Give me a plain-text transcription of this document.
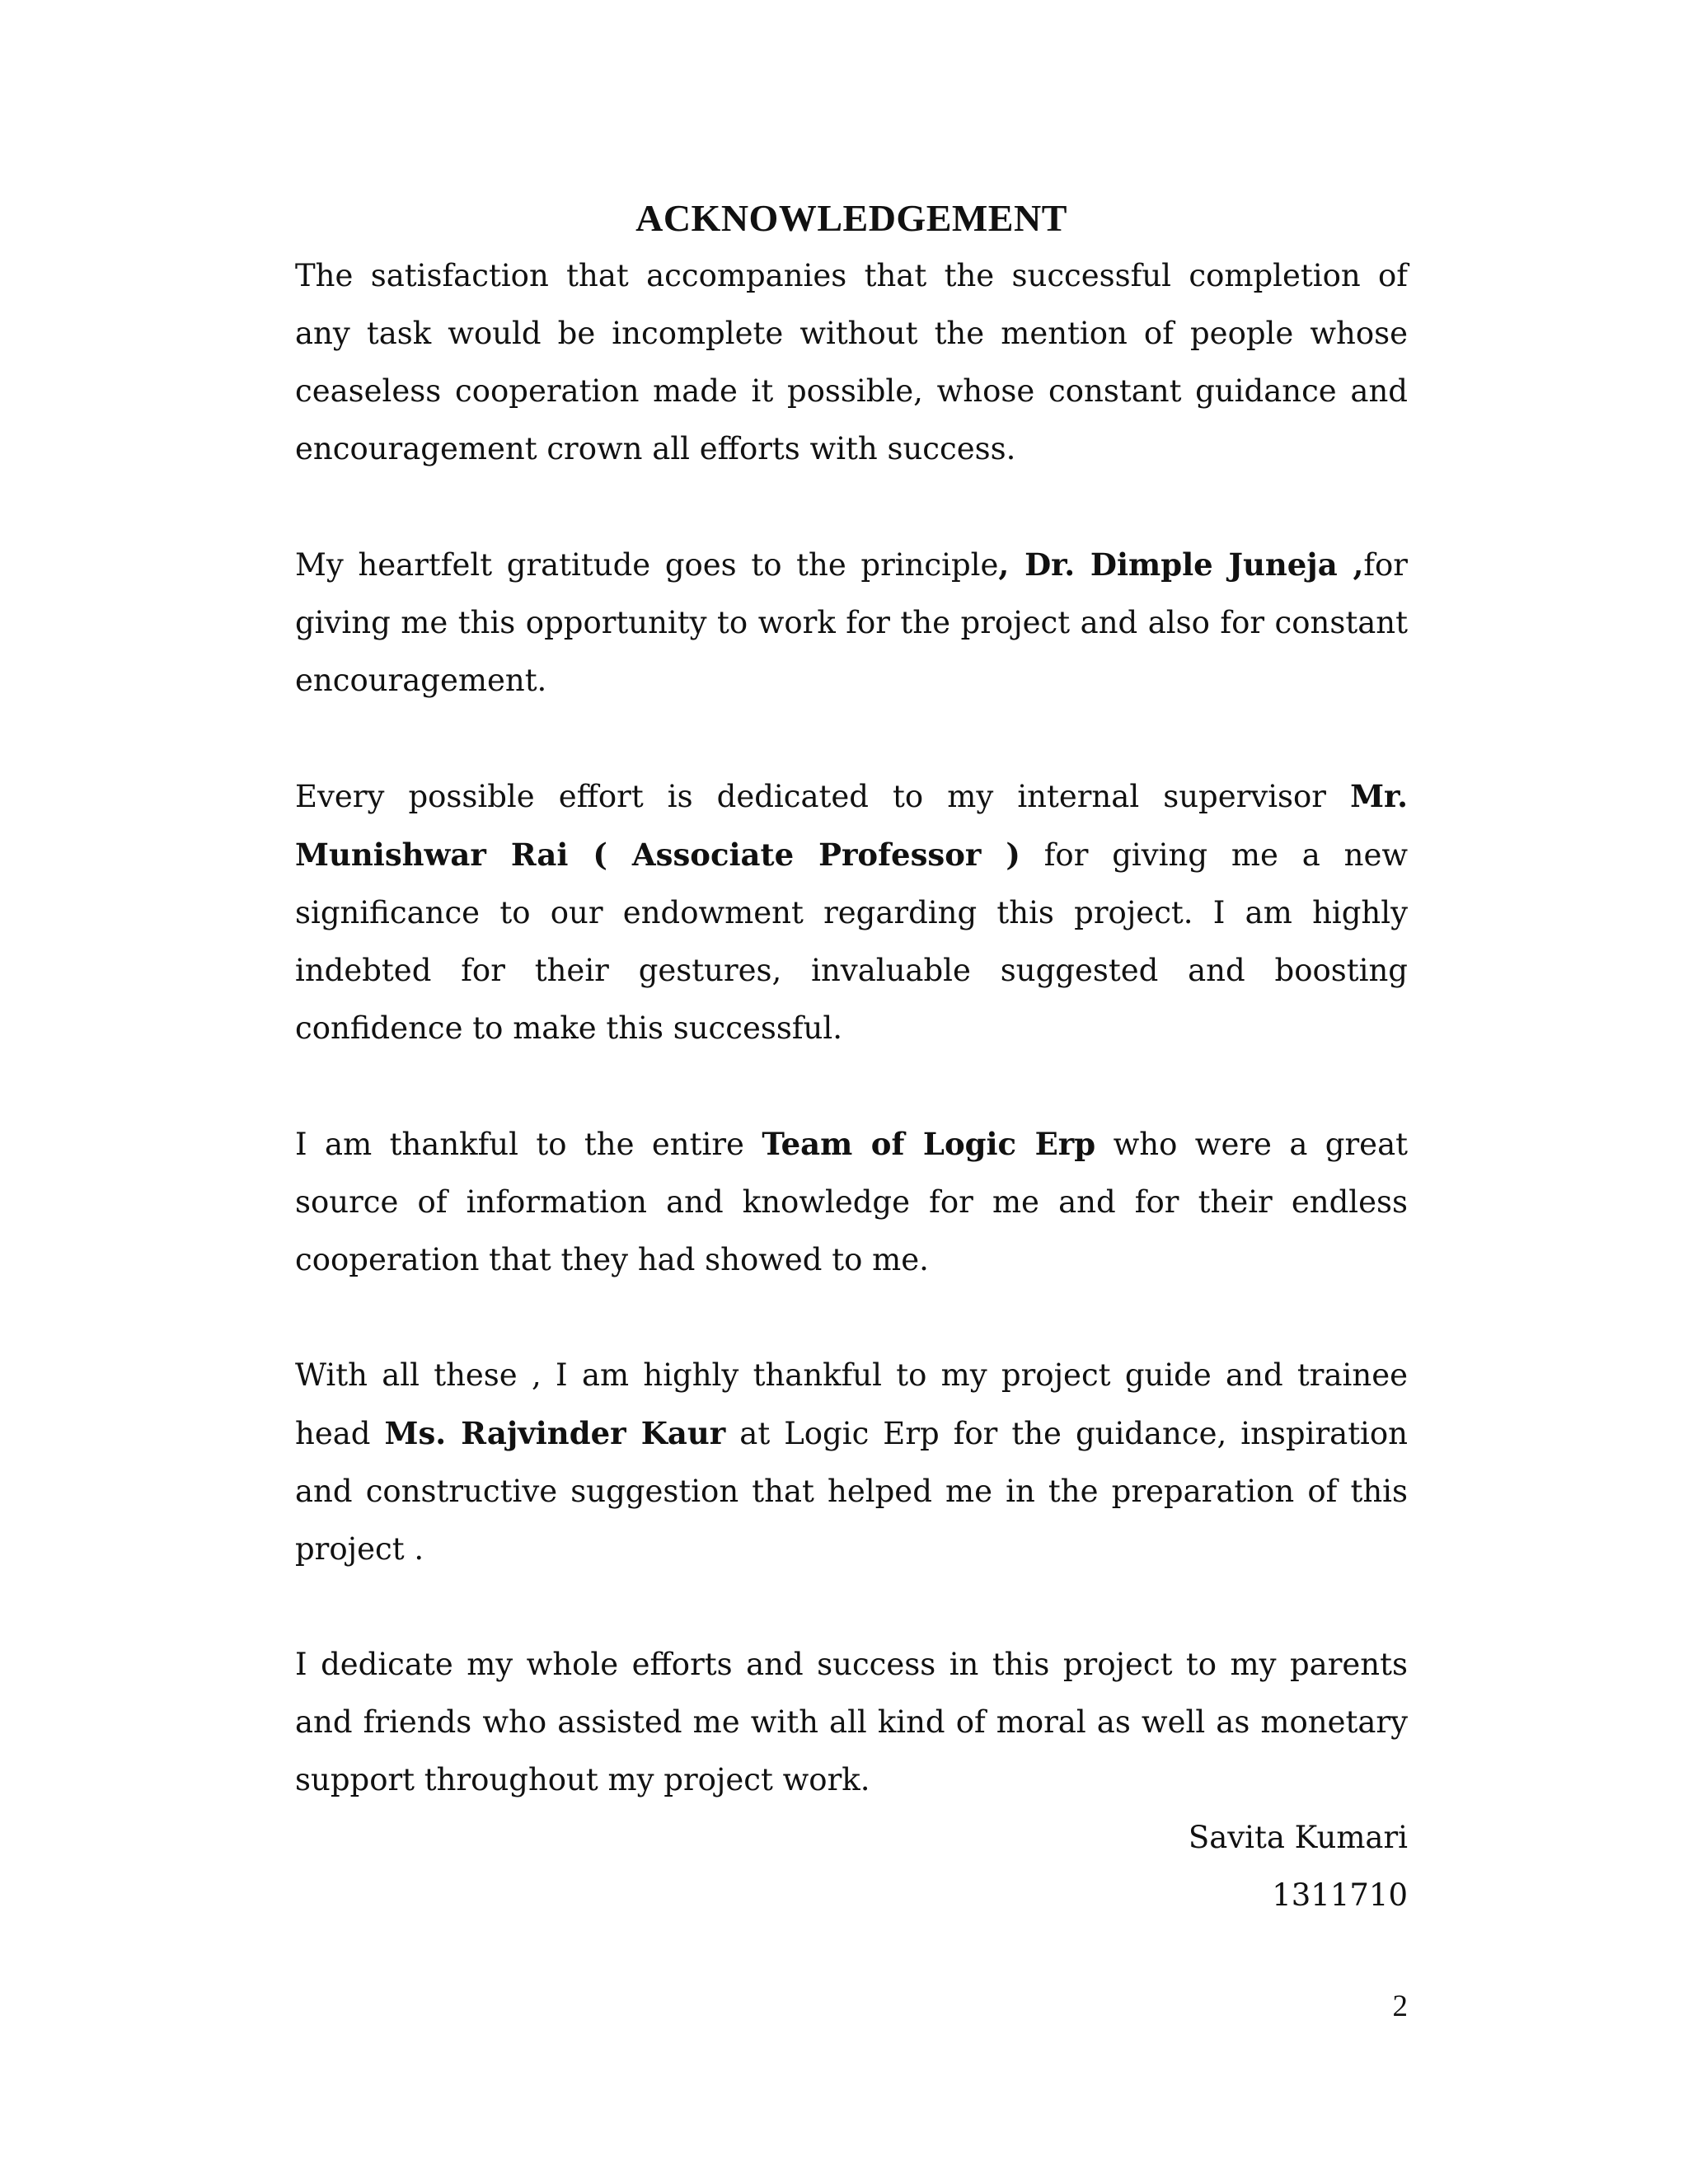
ACKNOWLEDGEMENT

The satisfaction that accompanies that the successful completion of any task would be incomplete without the mention of people whose ceaseless cooperation made it possible, whose constant guidance and encouragement crown all efforts with success.

My heartfelt gratitude goes to the principle, Dr. Dimple Juneja ,for giving me this opportunity to work for the project and also for constant encouragement.

Every possible effort is dedicated to my internal supervisor Mr. Munishwar Rai ( Associate Professor ) for giving me a new significance to our endowment regarding this project. I am highly indebted for their gestures, invaluable suggested and boosting confidence to make this successful.

I am thankful to the entire Team of Logic Erp who were a great source of information and knowledge for me and for their endless cooperation that they had showed to me.

With all these , I am highly thankful to my project guide and trainee head Ms. Rajvinder Kaur at Logic Erp for the guidance, inspiration and constructive suggestion that helped me in the preparation of this project .

I dedicate my whole efforts and success in this project to my parents and friends who assisted me with all kind of moral as well as monetary support throughout my project work.

Savita Kumari
1311710
2
